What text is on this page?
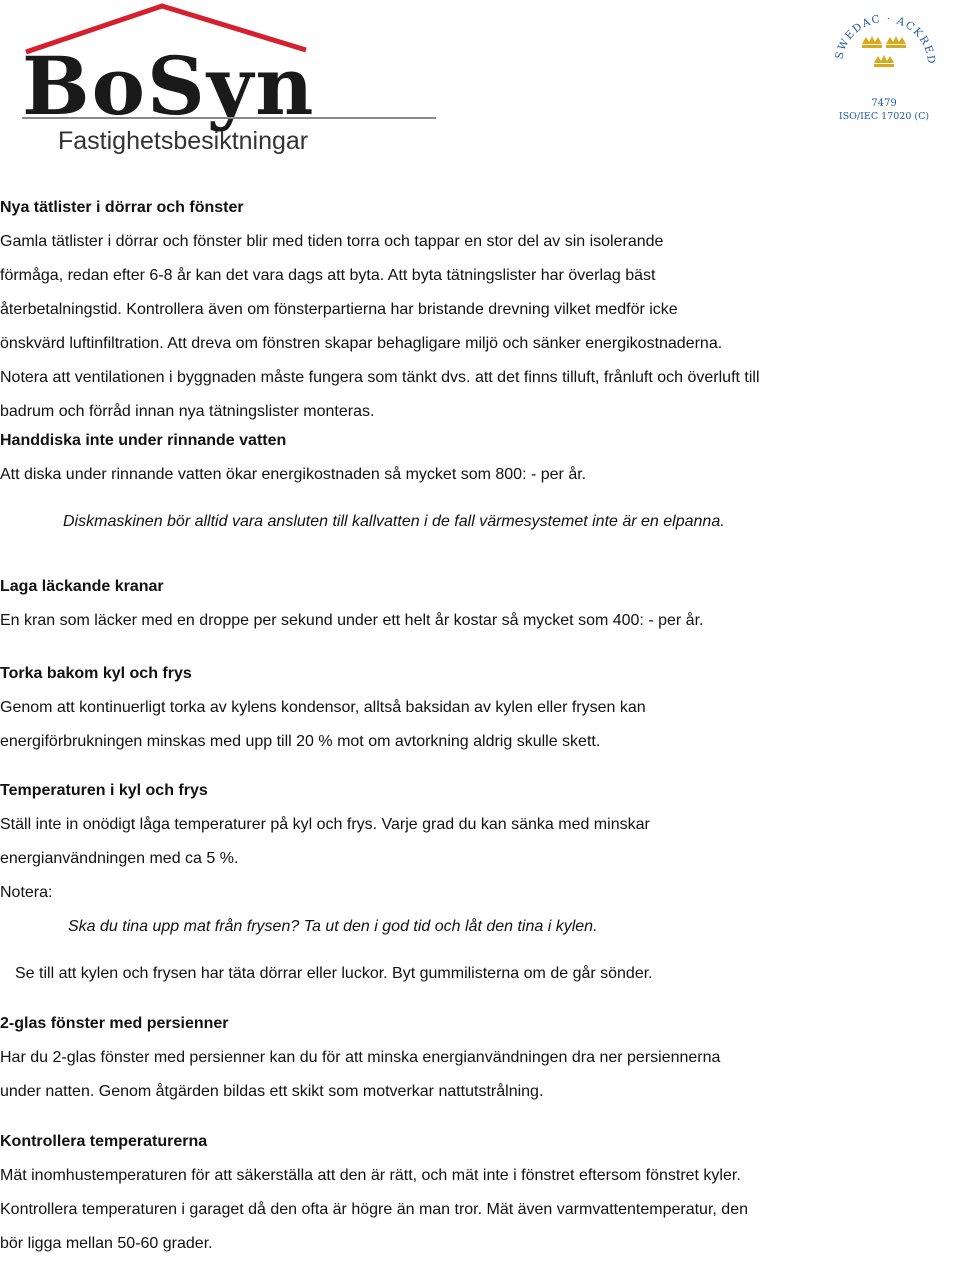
BoSyn
Fastighetsbesiktningar
SWEDAC · ACKRED
7479
ISO/IEC 17020 (C)

Nya tätlister i dörrar och fönster

Gamla tätlister i dörrar och fönster blir med tiden torra och tappar en stor del av sin isolerande

förmåga, redan efter 6-8 år kan det vara dags att byta. Att byta tätningslister har överlag bäst

återbetalningstid. Kontrollera även om fönsterpartierna har bristande drevning vilket medför icke

önskvärd luftinfiltration. Att dreva om fönstren skapar behagligare miljö och sänker energikostnaderna.

Notera att ventilationen i byggnaden måste fungera som tänkt dvs. att det finns tilluft, frånluft och överluft till

badrum och förråd innan nya tätningslister monteras.

Handdiska inte under rinnande vatten

Att diska under rinnande vatten ökar energikostnaden så mycket som 800: - per år.

Diskmaskinen bör alltid vara ansluten till kallvatten i de fall värmesystemet inte är en elpanna.

Laga läckande kranar

En kran som läcker med en droppe per sekund under ett helt år kostar så mycket som 400: - per år.

Torka bakom kyl och frys

Genom att kontinuerligt torka av kylens kondensor, alltså baksidan av kylen eller frysen kan

energiförbrukningen minskas med upp till 20 % mot om avtorkning aldrig skulle skett.

Temperaturen i kyl och frys

Ställ inte in onödigt låga temperaturer på kyl och frys. Varje grad du kan sänka med minskar

energianvändningen med ca 5 %.

Notera:

Ska du tina upp mat från frysen? Ta ut den i god tid och låt den tina i kylen.

Se till att kylen och frysen har täta dörrar eller luckor. Byt gummilisterna om de går sönder.

2-glas fönster med persienner

Har du 2-glas fönster med persienner kan du för att minska energianvändningen dra ner persiennerna

under natten. Genom åtgärden bildas ett skikt som motverkar nattutstrålning.

Kontrollera temperaturerna

Mät inomhustemperaturen för att säkerställa att den är rätt, och mät inte i fönstret eftersom fönstret kyler.

Kontrollera temperaturen i garaget då den ofta är högre än man tror. Mät även varmvattentemperatur, den

bör ligga mellan 50-60 grader.
